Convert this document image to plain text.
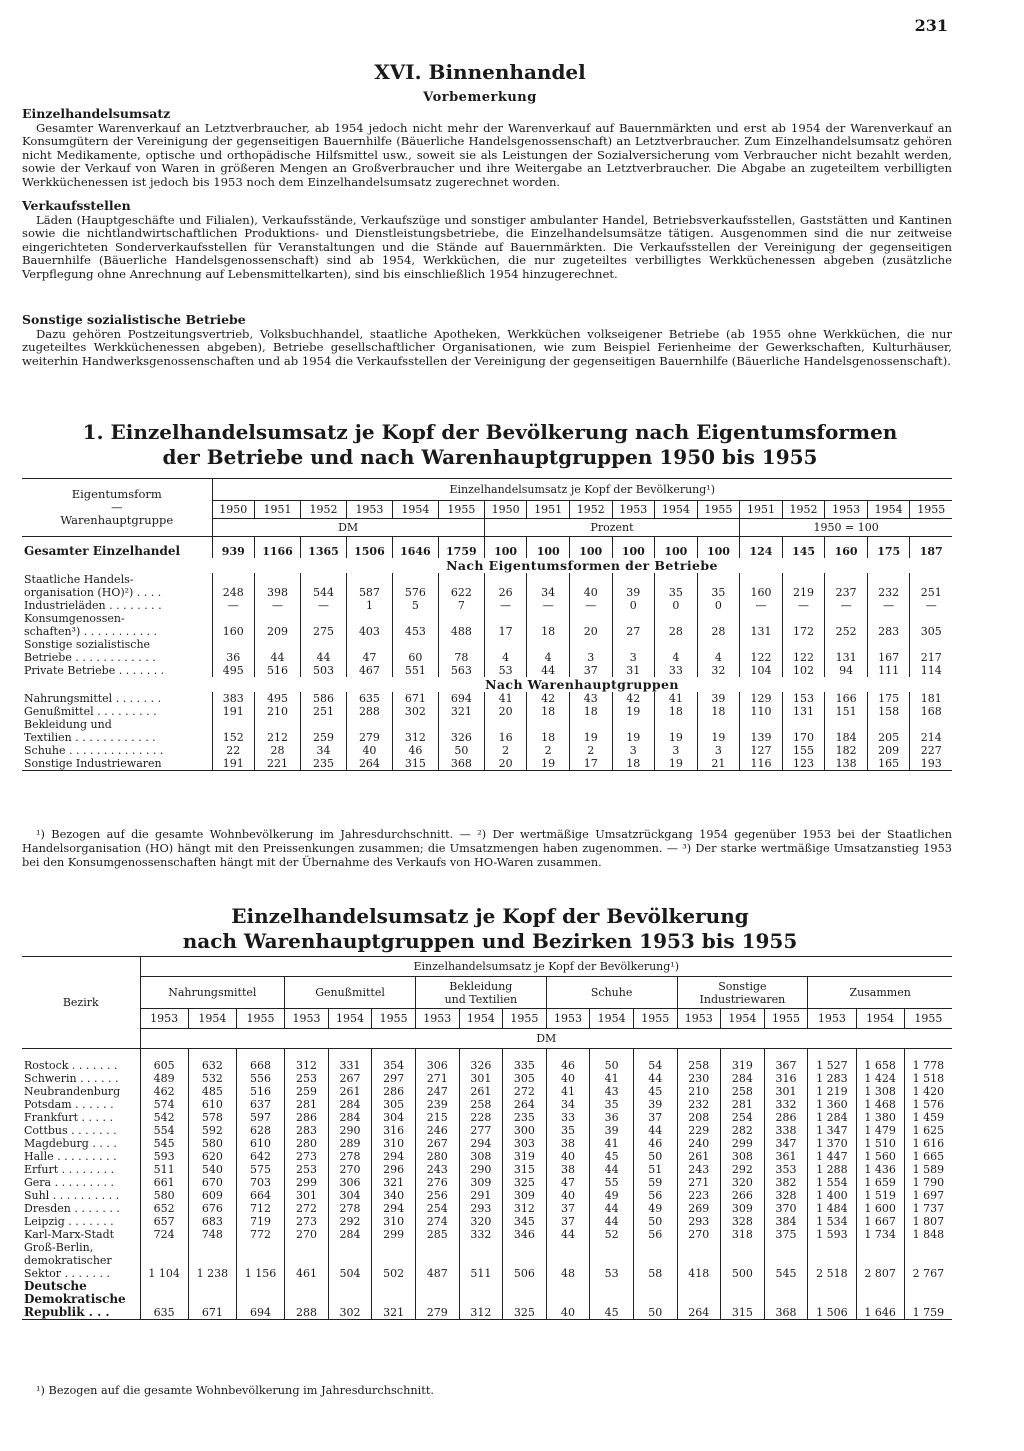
231
XVI. Binnenhandel
Vorbemerkung
Einzelhandelsumsatz

Gesamter Warenverkauf an Letztverbraucher, ab 1954 jedoch nicht mehr der Warenverkauf auf Bauernmärkten und erst ab 1954 der Warenverkauf an Konsumgütern der Vereinigung der gegenseitigen Bauernhilfe (Bäuerliche Handelsgenossenschaft) an Letztverbraucher. Zum Einzelhandelsumsatz gehören nicht Medikamente, optische und orthopädische Hilfsmittel usw., soweit sie als Leistungen der Sozialversicherung vom Verbraucher nicht bezahlt werden, sowie der Verkauf von Waren in größeren Mengen an Großverbraucher und ihre Weitergabe an Letztverbraucher. Die Abgabe an zugeteiltem verbilligten Werkküchenessen ist jedoch bis 1953 noch dem Einzelhandelsumsatz zugerechnet worden.

Verkaufsstellen

Läden (Hauptgeschäfte und Filialen), Verkaufsstände, Verkaufszüge und sonstiger ambulanter Handel, Betriebsverkaufsstellen, Gaststätten und Kantinen sowie die nichtlandwirtschaftlichen Produktions- und Dienstleistungsbetriebe, die Einzelhandelsumsätze tätigen. Ausgenommen sind die nur zeitweise eingerichteten Sonderverkaufsstellen für Veranstaltungen und die Stände auf Bauernmärkten. Die Verkaufsstellen der Vereinigung der gegenseitigen Bauernhilfe (Bäuerliche Handelsgenossenschaft) sind ab 1954, Werkküchen, die nur zugeteiltes verbilligtes Werkküchenessen abgeben (zusätzliche Verpflegung ohne Anrechnung auf Lebensmittelkarten), sind bis einschließlich 1954 hinzugerechnet.

Sonstige sozialistische Betriebe

Dazu gehören Postzeitungsvertrieb, Volksbuchhandel, staatliche Apotheken, Werkküchen volkseigener Betriebe (ab 1955 ohne Werkküchen, die nur zugeteiltes Werkküchenessen abgeben), Betriebe gesellschaftlicher Organisationen, wie zum Beispiel Ferienheime der Gewerkschaften, Kulturhäuser, weiterhin Handwerksgenossenschaften und ab 1954 die Verkaufsstellen der Vereinigung der gegenseitigen Bauernhilfe (Bäuerliche Handelsgenossenschaft).

1. Einzelhandelsumsatz je Kopf der Bevölkerung nach Eigentumsformen
der Betriebe und nach Warenhauptgruppen 1950 bis 1955
Eigentumsform
—
Warenhauptgruppe	Einzelhandelsumsatz je Kopf der Bevölkerung¹)																
	1950	1951	1952	1953	1954	1955	1950	1951	1952	1953	1954	1955	1951	1952	1953	1954	1955
	DM						Prozent						1950 = 100				
Gesamter Einzelhandel	939	1166	1365	1506	1646	1759	100	100	100	100	100	100	124	145	160	175	187
	Nach Eigentumsformen der Betriebe																
Staatliche Handels-
organisation (HO)²) . . . .	248	398	544	587	576	622	26	34	40	39	35	35	160	219	237	232	251
Industrieläden . . . . . . . .	—	—	—	1	5	7	—	—	—	0	0	0	—	—	—	—	—
Konsumgenossen-
schaften³) . . . . . . . . . . .	160	209	275	403	453	488	17	18	20	27	28	28	131	172	252	283	305
Sonstige sozialistische
Betriebe . . . . . . . . . . . .	36	44	44	47	60	78	4	4	3	3	4	4	122	122	131	167	217
Private Betriebe . . . . . . .	495	516	503	467	551	563	53	44	37	31	33	32	104	102	94	111	114
	Nach Warenhauptgruppen																
Nahrungsmittel . . . . . . .	383	495	586	635	671	694	41	42	43	42	41	39	129	153	166	175	181
Genußmittel . . . . . . . . .	191	210	251	288	302	321	20	18	18	19	18	18	110	131	151	158	168
Bekleidung und
Textilien . . . . . . . . . . . .	152	212	259	279	312	326	16	18	19	19	19	19	139	170	184	205	214
Schuhe . . . . . . . . . . . . . .	22	28	34	40	46	50	2	2	2	3	3	3	127	155	182	209	227
Sonstige Industriewaren	191	221	235	264	315	368	20	19	17	18	19	21	116	123	138	165	193

¹) Bezogen auf die gesamte Wohnbevölkerung im Jahresdurchschnitt. — ²) Der wertmäßige Umsatzrückgang 1954 gegenüber 1953 bei der Staatlichen Handelsorganisation (HO) hängt mit den Preissenkungen zusammen; die Umsatzmengen haben zugenommen. — ³) Der starke wertmäßige Umsatzanstieg 1953 bei den Konsumgenossenschaften hängt mit der Übernahme des Verkaufs von HO-Waren zusammen.

Einzelhandelsumsatz je Kopf der Bevölkerung
nach Warenhauptgruppen und Bezirken 1953 bis 1955
Bezirk	Einzelhandelsumsatz je Kopf der Bevölkerung¹)																	
	Nahrungsmittel			Genußmittel			Bekleidung
und Textilien			Schuhe			Sonstige
Industriewaren			Zusammen		
	1953	1954	1955	1953	1954	1955	1953	1954	1955	1953	1954	1955	1953	1954	1955	1953	1954	1955
	DM																	

Rostock . . . . . . .	605	632	668	312	331	354	306	326	335	46	50	54	258	319	367	1 527	1 658	1 778
Schwerin . . . . . .	489	532	556	253	267	297	271	301	305	40	41	44	230	284	316	1 283	1 424	1 518
Neubrandenburg	462	485	516	259	261	286	247	261	272	41	43	45	210	258	301	1 219	1 308	1 420
Potsdam . . . . . .	574	610	637	281	284	305	239	258	264	34	35	39	232	281	332	1 360	1 468	1 576
Frankfurt . . . . .	542	578	597	286	284	304	215	228	235	33	36	37	208	254	286	1 284	1 380	1 459
Cottbus . . . . . . .	554	592	628	283	290	316	246	277	300	35	39	44	229	282	338	1 347	1 479	1 625
Magdeburg . . . .	545	580	610	280	289	310	267	294	303	38	41	46	240	299	347	1 370	1 510	1 616
Halle . . . . . . . . .	593	620	642	273	278	294	280	308	319	40	45	50	261	308	361	1 447	1 560	1 665
Erfurt . . . . . . . .	511	540	575	253	270	296	243	290	315	38	44	51	243	292	353	1 288	1 436	1 589
Gera . . . . . . . . .	661	670	703	299	306	321	276	309	325	47	55	59	271	320	382	1 554	1 659	1 790
Suhl . . . . . . . . . .	580	609	664	301	304	340	256	291	309	40	49	56	223	266	328	1 400	1 519	1 697
Dresden . . . . . . .	652	676	712	272	278	294	254	293	312	37	44	49	269	309	370	1 484	1 600	1 737
Leipzig . . . . . . .	657	683	719	273	292	310	274	320	345	37	44	50	293	328	384	1 534	1 667	1 807
Karl-Marx-Stadt	724	748	772	270	284	299	285	332	346	44	52	56	270	318	375	1 593	1 734	1 848
Groß-Berlin,
demokratischer
Sektor . . . . . . .	1 104	1 238	1 156	461	504	502	487	511	506	48	53	58	418	500	545	2 518	2 807	2 767
Deutsche
Demokratische
Republik . . .	635	671	694	288	302	321	279	312	325	40	45	50	264	315	368	1 506	1 646	1 759

¹) Bezogen auf die gesamte Wohnbevölkerung im Jahresdurchschnitt.
